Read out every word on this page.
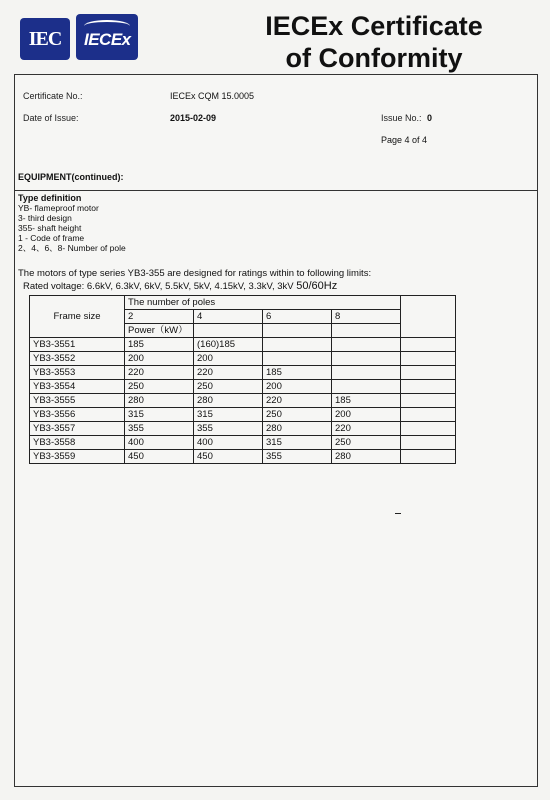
IEC IECEx	IECEx Certificate
of Conformity
Certificate No.:	IECEx CQM 15.0005
Date of Issue:	2015-02-09	Issue No.: 0
Page 4 of 4
EQUIPMENT(continued):
Type definition
YB- flameproof motor
3- third design
355- shaft height
1 - Code of frame
2、4、6、8- Number of pole
The motors of type series YB3-355 are designed for ratings within to following limits:
Rated voltage: 6.6kV, 6.3kV, 6kV, 5.5kV, 5kV, 4.15kV, 3.3kV, 3kV 50/60Hz
Frame size	The number of poles				
	2	4	6	8	
	Power（kW）				
YB3-3551	185	(160)185			
YB3-3552	200	200			
YB3-3553	220	220	185		
YB3-3554	250	250	200		
YB3-3555	280	280	220	185	
YB3-3556	315	315	250	200	
YB3-3557	355	355	280	220	
YB3-3558	400	400	315	250	
YB3-3559	450	450	355	280	
